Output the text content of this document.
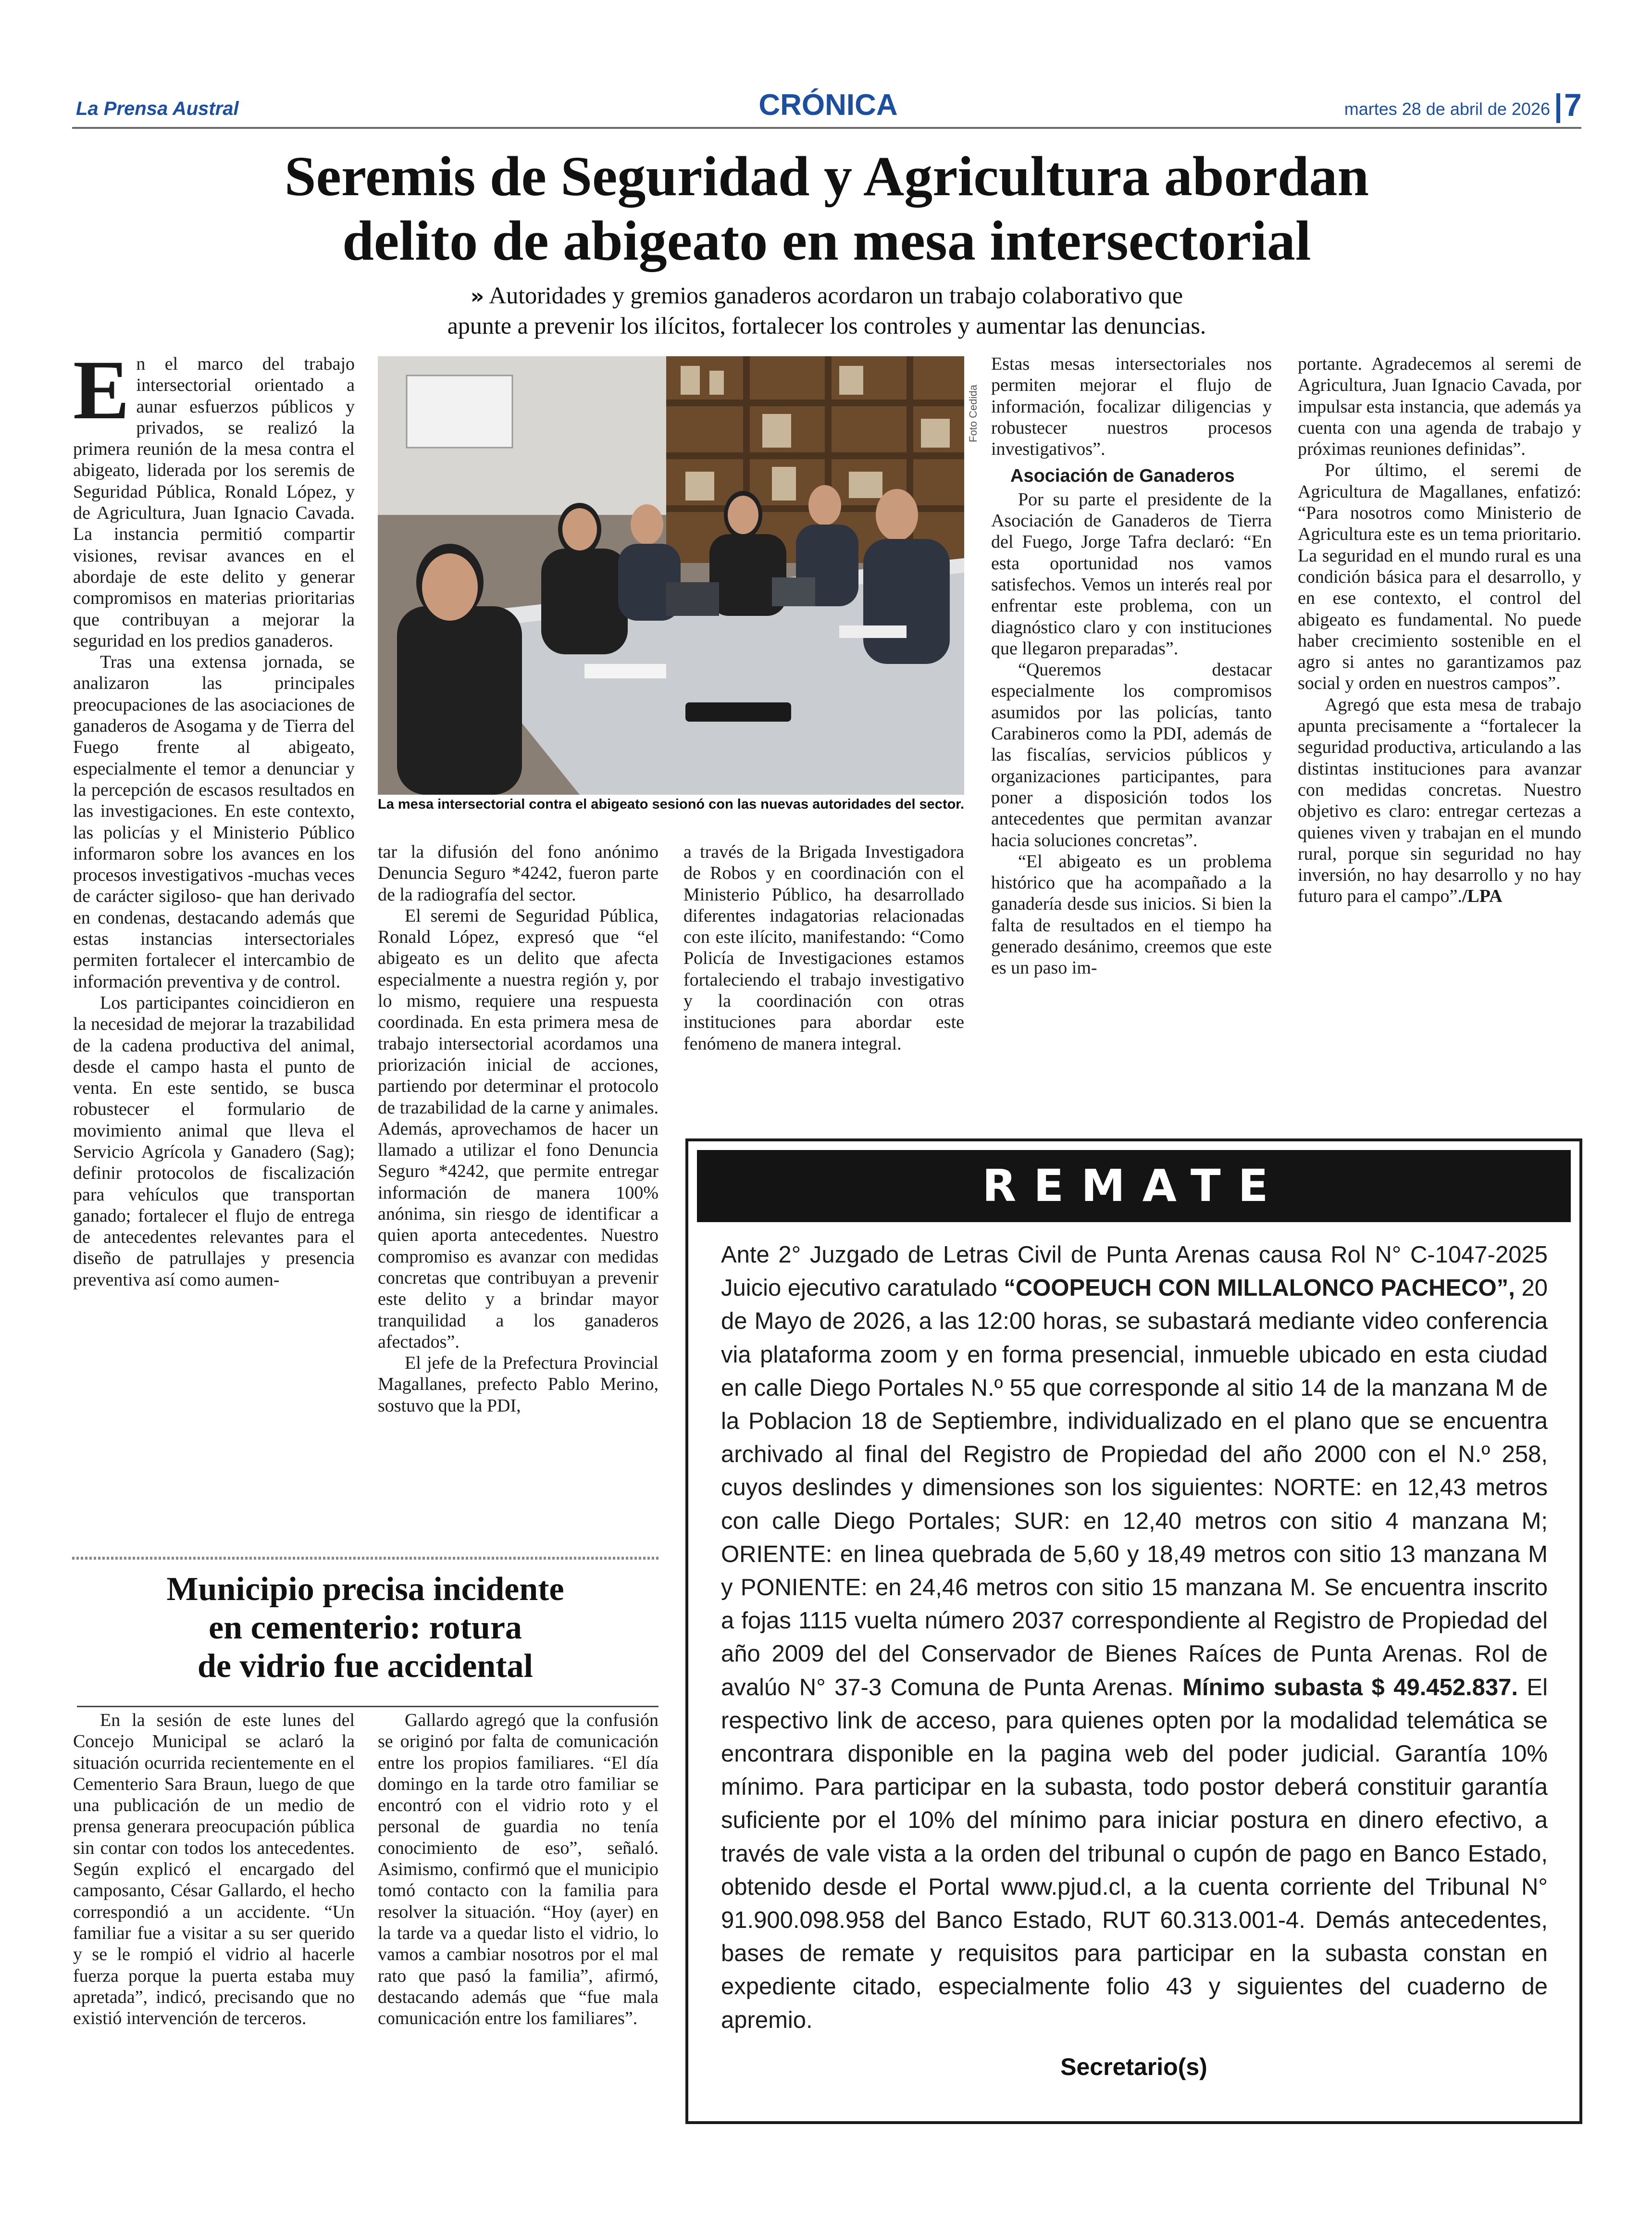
La Prensa Austral	CRÓNICA	martes 28 de abril de 2026 7
Seremis de Seguridad y Agricultura abordan
delito de abigeato en mesa intersectorial
» Autoridades y gremios ganaderos acordaron un trabajo colaborativo que
apunte a prevenir los ilícitos, fortalecer los controles y aumentar las denuncias.

En el marco del trabajo intersectorial orientado a aunar esfuerzos públicos y privados, se realizó la primera reunión de la mesa contra el abigeato, liderada por los seremis de Seguridad Pública, Ronald López, y de Agricultura, Juan Ignacio Cavada. La instancia permitió compartir visiones, revisar avances en el abordaje de este delito y generar compromisos en materias prioritarias que contribuyan a mejorar la seguridad en los predios ganaderos.

Tras una extensa jornada, se analizaron las principales preocupaciones de las asociaciones de ganaderos de Asogama y de Tierra del Fuego frente al abigeato, especialmente el temor a denunciar y la percepción de escasos resultados en las investigaciones. En este contexto, las policías y el Ministerio Público informaron sobre los avances en los procesos investigativos -muchas veces de carácter sigiloso- que han derivado en condenas, destacando además que estas instancias intersectoriales permiten fortalecer el intercambio de información preventiva y de control.

Los participantes coincidieron en la necesidad de mejorar la trazabilidad de la cadena productiva del animal, desde el campo hasta el punto de venta. En este sentido, se busca robustecer el formulario de movimiento animal que lleva el Servicio Agrícola y Ganadero (Sag); definir protocolos de fiscalización para vehículos que transportan ganado; fortalecer el flujo de entrega de antecedentes relevantes para el diseño de patrullajes y presencia preventiva así como aumen-

Foto Cedida
La mesa intersectorial contra el abigeato sesionó con las nuevas autoridades del sector.

tar la difusión del fono anónimo Denuncia Seguro *4242, fueron parte de la radiografía del sector.

El seremi de Seguridad Pública, Ronald López, expresó que “el abigeato es un delito que afecta especialmente a nuestra región y, por lo mismo, requiere una respuesta coordinada. En esta primera mesa de trabajo intersectorial acordamos una priorización inicial de acciones, partiendo por determinar el protocolo de trazabilidad de la carne y animales. Además, aprovechamos de hacer un llamado a utilizar el fono Denuncia Seguro *4242, que permite entregar información de manera 100% anónima, sin riesgo de identificar a quien aporta antecedentes. Nuestro compromiso es avanzar con medidas concretas que contribuyan a prevenir este delito y a brindar mayor tranquilidad a los ganaderos afectados”.

El jefe de la Prefectura Provincial Magallanes, prefecto Pablo Merino, sostuvo que la PDI,

a través de la Brigada Investigadora de Robos y en coordinación con el Ministerio Público, ha desarrollado diferentes indagatorias relacionadas con este ilícito, manifestando: “Como Policía de Investigaciones estamos fortaleciendo el trabajo investigativo y la coordinación con otras instituciones para abordar este fenómeno de manera integral.

Estas mesas intersectoriales nos permiten mejorar el flujo de información, focalizar diligencias y robustecer nuestros procesos investigativos”.

Asociación de Ganaderos

Por su parte el presidente de la Asociación de Ganaderos de Tierra del Fuego, Jorge Tafra declaró: “En esta oportunidad nos vamos satisfechos. Vemos un interés real por enfrentar este problema, con un diagnóstico claro y con instituciones que llegaron preparadas”.

“Queremos destacar especialmente los compromisos asumidos por las policías, tanto Carabineros como la PDI, además de las fiscalías, servicios públicos y organizaciones participantes, para poner a disposición todos los antecedentes que permitan avanzar hacia soluciones concretas”.

“El abigeato es un problema histórico que ha acompañado a la ganadería desde sus inicios. Si bien la falta de resultados en el tiempo ha generado desánimo, creemos que este es un paso im-

portante. Agradecemos al seremi de Agricultura, Juan Ignacio Cavada, por impulsar esta instancia, que además ya cuenta con una agenda de trabajo y próximas reuniones definidas”.

Por último, el seremi de Agricultura de Magallanes, enfatizó: “Para nosotros como Ministerio de Agricultura este es un tema prioritario. La seguridad en el mundo rural es una condición básica para el desarrollo, y en ese contexto, el control del abigeato es fundamental. No puede haber crecimiento sostenible en el agro si antes no garantizamos paz social y orden en nuestros campos”.

Agregó que esta mesa de trabajo apunta precisamente a “fortalecer la seguridad productiva, articulando a las distintas instituciones para avanzar con medidas concretas. Nuestro objetivo es claro: entregar certezas a quienes viven y trabajan en el mundo rural, porque sin seguridad no hay inversión, no hay desarrollo y no hay futuro para el campo”./LPA

Municipio precisa incidente
en cementerio: rotura
de vidrio fue accidental

En la sesión de este lunes del Concejo Municipal se aclaró la situación ocurrida recientemente en el Cementerio Sara Braun, luego de que una publicación de un medio de prensa generara preocupación pública sin contar con todos los antecedentes. Según explicó el encargado del camposanto, César Gallardo, el hecho correspondió a un accidente. “Un familiar fue a visitar a su ser querido y se le rompió el vidrio al hacerle fuerza porque la puerta estaba muy apretada”, indicó, precisando que no existió intervención de terceros.

Gallardo agregó que la confusión se originó por falta de comunicación entre los propios familiares. “El día domingo en la tarde otro familiar se encontró con el vidrio roto y el personal de guardia no tenía conocimiento de eso”, señaló. Asimismo, confirmó que el municipio tomó contacto con la familia para resolver la situación. “Hoy (ayer) en la tarde va a quedar listo el vidrio, lo vamos a cambiar nosotros por el mal rato que pasó la familia”, afirmó, destacando además que “fue mala comunicación entre los familiares”.

REMATE
Ante 2° Juzgado de Letras Civil de Punta Arenas causa Rol N° C-1047-2025 Juicio ejecutivo caratulado “COOPEUCH CON MILLALONCO PACHECO”, 20 de Mayo de 2026, a las 12:00 horas, se subastará mediante video conferencia via plataforma zoom y en forma presencial, inmueble ubicado en esta ciudad en calle Diego Portales N.º 55 que corresponde al sitio 14 de la manzana M de la Poblacion 18 de Septiembre, individualizado en el plano que se encuentra archivado al final del Registro de Propiedad del año 2000 con el N.º 258, cuyos deslindes y dimensiones son los siguientes: NORTE: en 12,43 metros con calle Diego Portales; SUR: en 12,40 metros con sitio 4 manzana M; ORIENTE: en linea quebrada de 5,60 y 18,49 metros con sitio 13 manzana M y PONIENTE: en 24,46 metros con sitio 15 manzana M. Se encuentra inscrito a fojas 1115 vuelta número 2037 correspondiente al Registro de Propiedad del año 2009 del del Conservador de Bienes Raíces de Punta Arenas. Rol de avalúo N° 37-3 Comuna de Punta Arenas. Mínimo subasta $ 49.452.837. El respectivo link de acceso, para quienes opten por la modalidad telemática se encontrara disponible en la pagina web del poder judicial. Garantía 10% mínimo. Para participar en la subasta, todo postor deberá constituir garantía suficiente por el 10% del mínimo para iniciar postura en dinero efectivo, a través de vale vista a la orden del tribunal o cupón de pago en Banco Estado, obtenido desde el Portal www.pjud.cl, a la cuenta corriente del Tribunal N° 91.900.098.958 del Banco Estado, RUT 60.313.001-4. Demás antecedentes, bases de remate y requisitos para participar en la subasta constan en expediente citado, especialmente folio 43 y siguientes del cuaderno de apremio.
Secretario(s)
